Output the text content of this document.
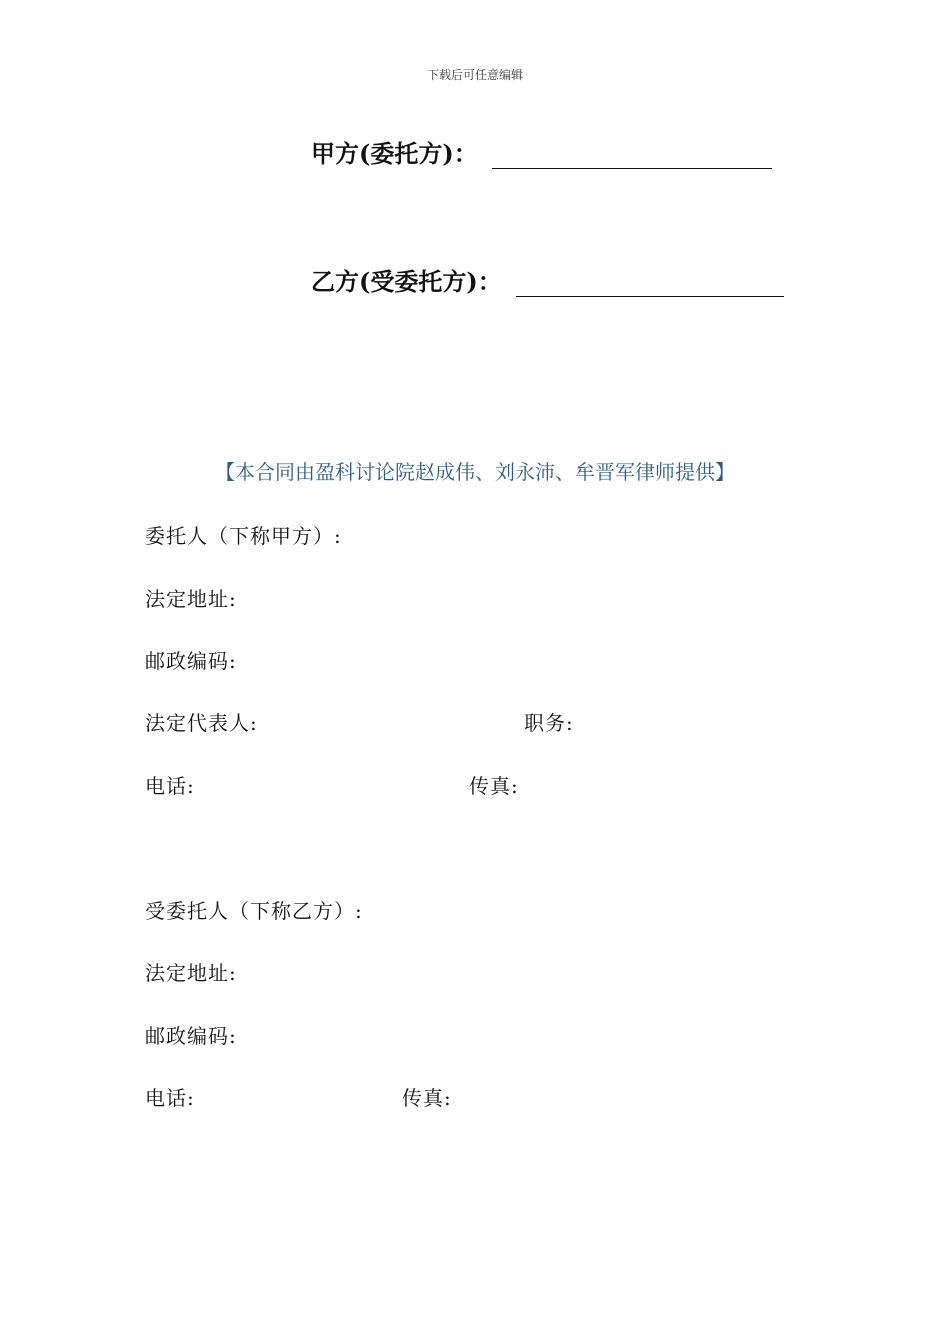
下载后可任意编辑
甲方(委托方)：
乙方(受委托方)：
【本合同由盈科讨论院赵成伟、刘永沛、牟晋军律师提供】
委托人（下称甲方）:
法定地址:
邮政编码:
法定代表人:	职务:
电话:	传真:
受委托人（下称乙方）:
法定地址:
邮政编码:
电话:	传真:
